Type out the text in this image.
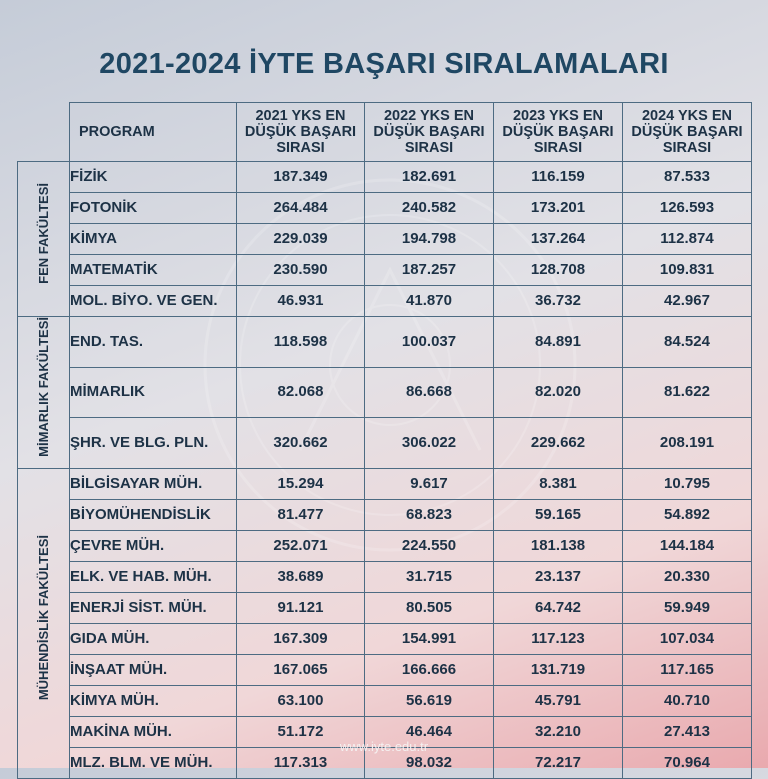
2021-2024 İYTE BAŞARI SIRALAMALARI
	PROGRAM	2021 YKS EN DÜŞÜK BAŞARI SIRASI	2022 YKS EN DÜŞÜK BAŞARI SIRASI	2023 YKS EN DÜŞÜK BAŞARI SIRASI	2024 YKS EN DÜŞÜK BAŞARI SIRASI
FEN FAKÜLTESİ	FİZİK	187.349	182.691	116.159	87.533
	FOTONİK	264.484	240.582	173.201	126.593
	KİMYA	229.039	194.798	137.264	112.874
	MATEMATİK	230.590	187.257	128.708	109.831
	MOL. BİYO. VE GEN.	46.931	41.870	36.732	42.967
MİMARLIK FAKÜLTESİ	END. TAS.	118.598	100.037	84.891	84.524
	MİMARLIK	82.068	86.668	82.020	81.622
	ŞHR. VE BLG. PLN.	320.662	306.022	229.662	208.191
MÜHENDİSLİK FAKÜLTESİ	BİLGİSAYAR MÜH.	15.294	9.617	8.381	10.795
	BİYOMÜHENDİSLİK	81.477	68.823	59.165	54.892
	ÇEVRE MÜH.	252.071	224.550	181.138	144.184
	ELK. VE HAB. MÜH.	38.689	31.715	23.137	20.330
	ENERJİ SİST. MÜH.	91.121	80.505	64.742	59.949
	GIDA MÜH.	167.309	154.991	117.123	107.034
	İNŞAAT MÜH.	167.065	166.666	131.719	117.165
	KİMYA MÜH.	63.100	56.619	45.791	40.710
	MAKİNA MÜH.	51.172	46.464	32.210	27.413
	MLZ. BLM. VE MÜH.	117.313	98.032	72.217	70.964
www.iyte.edu.tr
